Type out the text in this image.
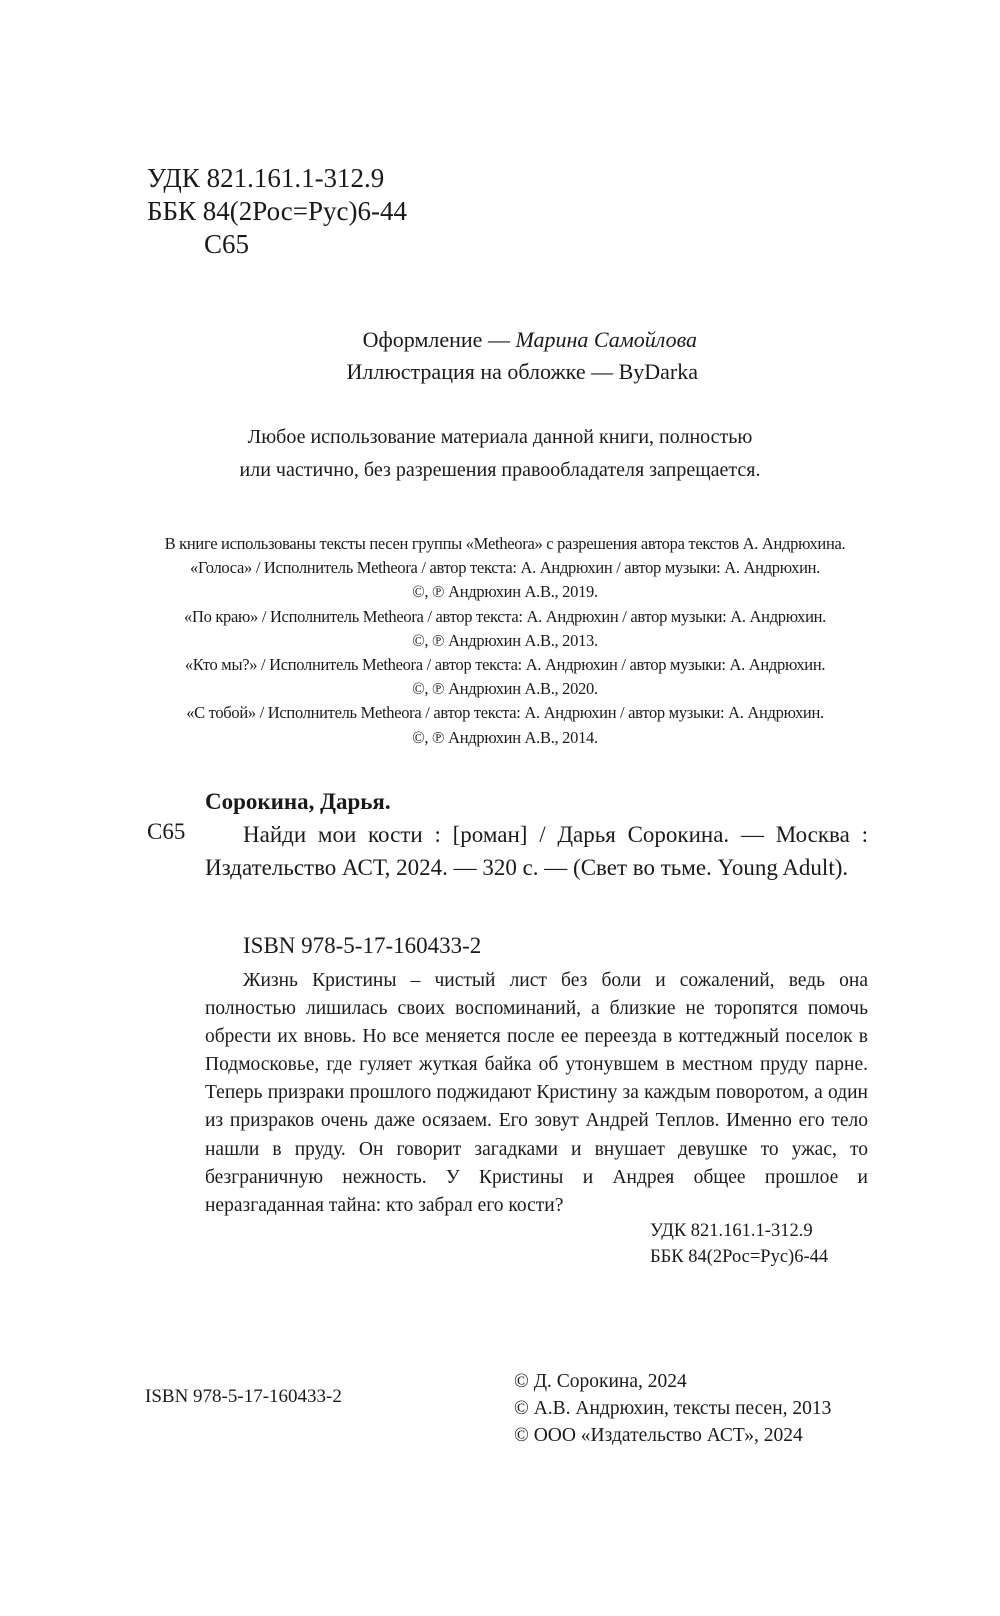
УДК 821.161.1-312.9
ББК 84(2Рос=Рус)6-44
С65
Оформление — Марина Самойлова
Иллюстрация на обложке — ByDarka
Любое использование материала данной книги, полностью
или частично, без разрешения правообладателя запрещается.
В книге использованы тексты песен группы «Metheora» с разрешения автора текстов А. Андрюхина.
«Голоса» / Исполнитель Metheora / автор текста: А. Андрюхин / автор музыки: А. Андрюхин.
©, ℗ Андрюхин А.В., 2019.
«По краю» / Исполнитель Metheora / автор текста: А. Андрюхин / автор музыки: А. Андрюхин.
©, ℗ Андрюхин А.В., 2013.
«Кто мы?» / Исполнитель Metheora / автор текста: А. Андрюхин / автор музыки: А. Андрюхин.
©, ℗ Андрюхин А.В., 2020.
«С тобой» / Исполнитель Metheora / автор текста: А. Андрюхин / автор музыки: А. Андрюхин.
©, ℗ Андрюхин А.В., 2014.
Сорокина, Дарья.
С65	Найди мои кости : [роман] / Дарья Сорокина. — Москва : Издательство АСТ, 2024. — 320 с. — (Свет во тьме. Young Adult).
ISBN 978-5-17-160433-2
Жизнь Кристины – чистый лист без боли и сожалений, ведь она полностью лишилась своих воспоминаний, а близкие не торопятся помочь обрести их вновь. Но все меняется после ее переезда в коттеджный поселок в Подмосковье, где гуляет жуткая байка об утонувшем в местном пруду парне. Теперь призраки прошлого поджидают Кристину за каждым поворотом, а один из призраков очень даже осязаем. Его зовут Андрей Теплов. Именно его тело нашли в пруду. Он говорит загадками и внушает девушке то ужас, то безграничную нежность. У Кристины и Андрея общее прошлое и неразгаданная тайна: кто забрал его кости?
УДК 821.161.1-312.9
ББК 84(2Рос=Рус)6-44
ISBN 978-5-17-160433-2
© Д. Сорокина, 2024
© А.В. Андрюхин, тексты песен, 2013
© ООО «Издательство АСТ», 2024
